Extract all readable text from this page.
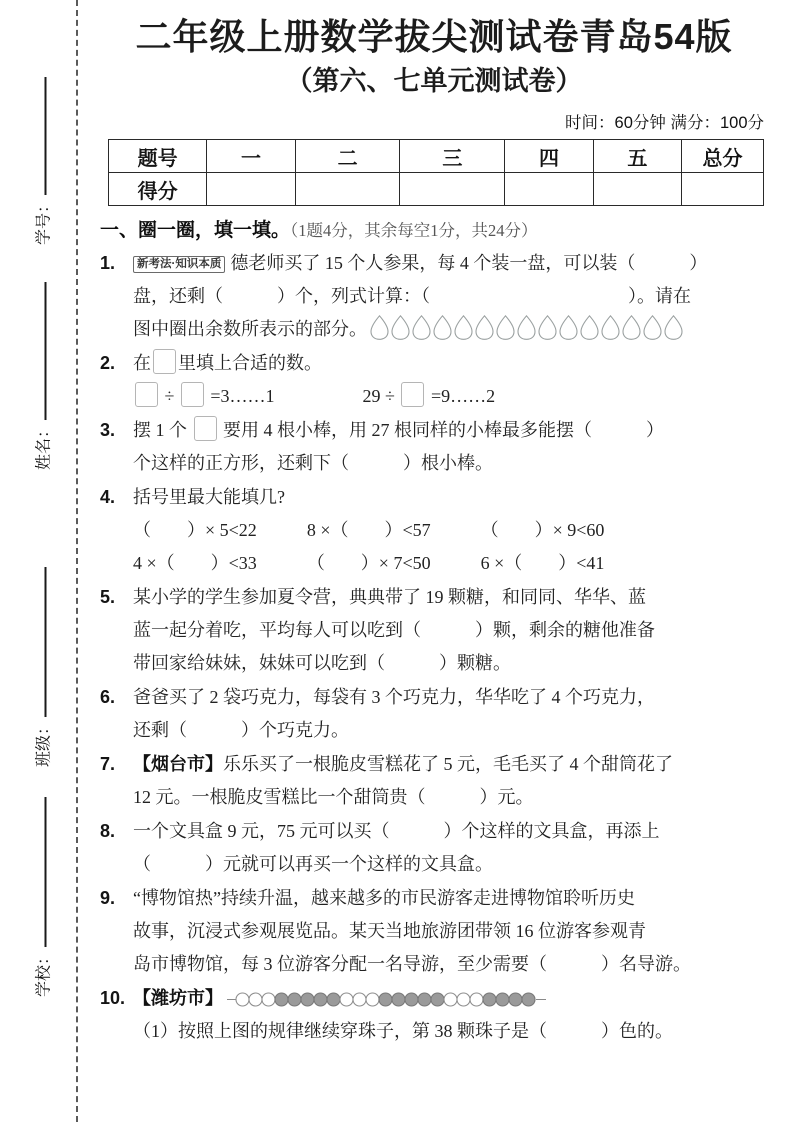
学号：
姓名：
班级：
学校：
二年级上册数学拔尖测试卷青岛54版
（第六、七单元测试卷）
时间：60分钟 满分：100分
题号	一	二	三	四	五	总分
得分						
一、圈一圈，填一填。（1题4分，其余每空1分，共24分）
1.	新考法·知识本质 德老师买了 15 个人参果，每 4 个装一盘，可以装（　　　）
盘，还剩（　　　）个，列式计算：（　　　　　　　　　　　）。请在
图中圈出余数所表示的部分。
2. 在 里填上合适的数。
÷  =3……1	29 ÷  =9……2
3. 摆 1 个  要用 4 根小棒，用 27 根同样的小棒最多能摆（　　　）
个这样的正方形，还剩下（　　　）根小棒。
4. 括号里最大能填几?
（　　）× 5<22	8 ×（　　）<57	（　　）× 9<60
4 ×（　　）<33	（　　）× 7<50	6 ×（　　）<41
5. 某小学的学生参加夏令营，典典带了 19 颗糖，和同同、华华、蓝
蓝一起分着吃，平均每人可以吃到（　　　）颗，剩余的糖他准备
带回家给妹妹，妹妹可以吃到（　　　）颗糖。
6. 爸爸买了 2 袋巧克力，每袋有 3 个巧克力，华华吃了 4 个巧克力，
还剩（　　　）个巧克力。
7. 【烟台市】乐乐买了一根脆皮雪糕花了 5 元，毛毛买了 4 个甜筒花了
12 元。一根脆皮雪糕比一个甜筒贵（　　　）元。
8. 一个文具盒 9 元，75 元可以买（　　　）个这样的文具盒，再添上
（　　　）元就可以再买一个这样的文具盒。
9. “博物馆热”持续升温，越来越多的市民游客走进博物馆聆听历史
故事，沉浸式参观展览品。某天当地旅游团带领 16 位游客参观青
岛市博物馆，每 3 位游客分配一名导游，至少需要（　　　）名导游。
10. 【潍坊市】
（1）按照上图的规律继续穿珠子，第 38 颗珠子是（　　　）色的。
